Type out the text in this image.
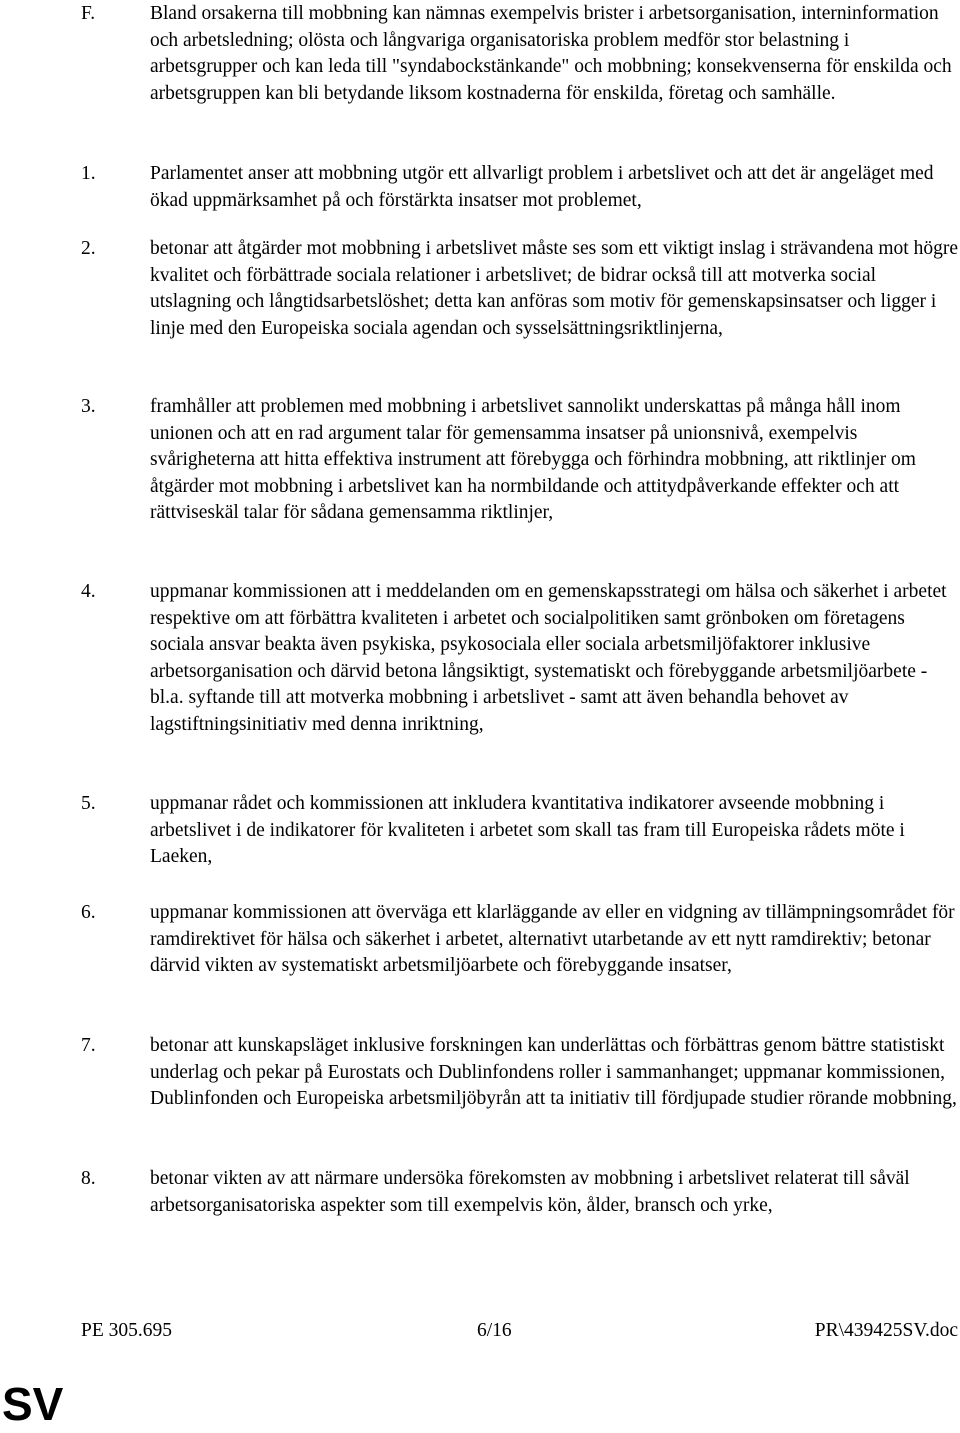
F.	Bland orsakerna till mobbning kan nämnas exempelvis brister i arbetsorganisation, interninformation och arbetsledning; olösta och långvariga organisatoriska problem medför stor belastning i arbetsgrupper och kan leda till "syndabockstänkande" och mobbning; konsekvenserna för enskilda och arbetsgruppen kan bli betydande liksom kostnaderna för enskilda, företag och samhälle.

1.	Parlamentet anser att mobbning utgör ett allvarligt problem i arbetslivet och att det är angeläget med ökad uppmärksamhet på och förstärkta insatser mot problemet,

2.	betonar att åtgärder mot mobbning i arbetslivet måste ses som ett viktigt inslag i strävandena mot högre kvalitet och förbättrade sociala relationer i arbetslivet; de bidrar också till att motverka social utslagning och långtidsarbetslöshet; detta kan anföras som motiv för gemenskapsinsatser och ligger i linje med den Europeiska sociala agendan och sysselsättningsriktlinjerna,

3.	framhåller att problemen med mobbning i arbetslivet sannolikt underskattas på många håll inom unionen och att en rad argument talar för gemensamma insatser på unionsnivå, exempelvis svårigheterna att hitta effektiva instrument att förebygga och förhindra mobbning, att riktlinjer om åtgärder mot mobbning i arbetslivet kan ha normbildande och attitydpåverkande effekter och att rättviseskäl talar för sådana gemensamma riktlinjer,

4.	uppmanar kommissionen att i meddelanden om en gemenskapsstrategi om hälsa och säkerhet i arbetet respektive om att förbättra kvaliteten i arbetet och socialpolitiken samt grönboken om företagens sociala ansvar beakta även psykiska, psykosociala eller sociala arbetsmiljöfaktorer inklusive arbetsorganisation och därvid betona långsiktigt, systematiskt och förebyggande arbetsmiljöarbete - bl.a. syftande till att motverka mobbning i arbetslivet - samt att även behandla behovet av lagstiftningsinitiativ med denna inriktning,

5.	uppmanar rådet och kommissionen att inkludera kvantitativa indikatorer avseende mobbning i arbetslivet i de indikatorer för kvaliteten i arbetet som skall tas fram till Europeiska rådets möte i Laeken,

6.	uppmanar kommissionen att överväga ett klarläggande av eller en vidgning av tillämpningsområdet för ramdirektivet för hälsa och säkerhet i arbetet, alternativt utarbetande av ett nytt ramdirektiv; betonar därvid vikten av systematiskt arbetsmiljöarbete och förebyggande insatser,

7.	betonar att kunskapsläget inklusive forskningen kan underlättas och förbättras genom bättre statistiskt underlag och pekar på Eurostats och Dublinfondens roller i sammanhanget; uppmanar kommissionen, Dublinfonden och Europeiska arbetsmiljöbyrån att ta initiativ till fördjupade studier rörande mobbning,

8.	betonar vikten av att närmare undersöka förekomsten av mobbning i arbetslivet relaterat till såväl arbetsorganisatoriska aspekter som till exempelvis kön, ålder, bransch och yrke,

PE 305.695	6/16	PR\439425SV.doc
SV
